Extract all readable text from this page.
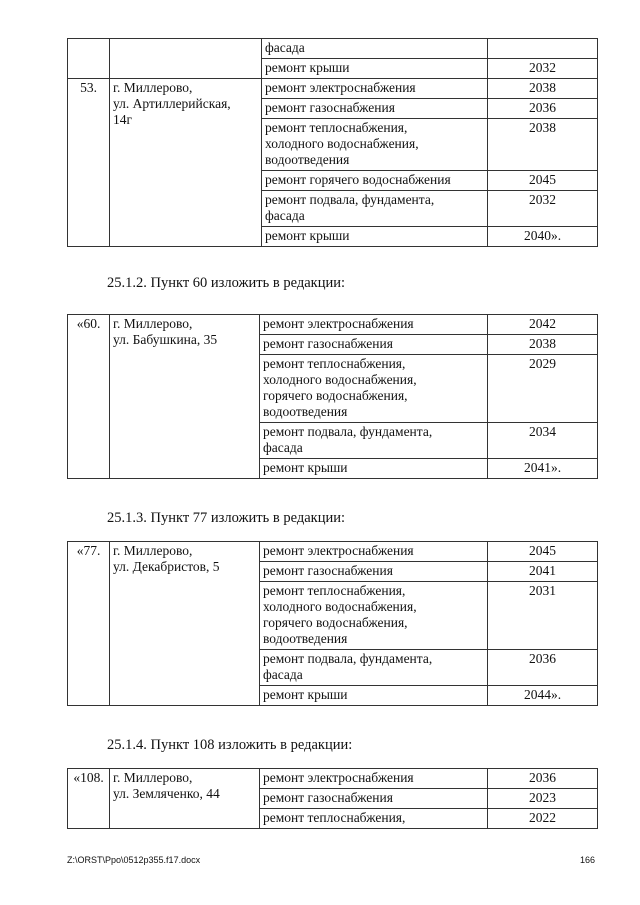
		фасада	
		ремонт крыши	2032
53.	г. Миллерово,
ул. Артиллерийская,
14г	ремонт электроснабжения	2038
		ремонт газоснабжения	2036
		ремонт теплоснабжения,
холодного водоснабжения,
водоотведения	2038
		ремонт горячего водоснабжения	2045
		ремонт подвала, фундамента,
фасада	2032
		ремонт крыши	2040».

25.1.2. Пункт 60 изложить в редакции:

«60.	г. Миллерово,
ул. Бабушкина, 35	ремонт электроснабжения	2042
		ремонт газоснабжения	2038
		ремонт теплоснабжения,
холодного водоснабжения,
горячего водоснабжения,
водоотведения	2029
		ремонт подвала, фундамента,
фасада	2034
		ремонт крыши	2041».

25.1.3. Пункт 77 изложить в редакции:

«77.	г. Миллерово,
ул. Декабристов, 5	ремонт электроснабжения	2045
		ремонт газоснабжения	2041
		ремонт теплоснабжения,
холодного водоснабжения,
горячего водоснабжения,
водоотведения	2031
		ремонт подвала, фундамента,
фасада	2036
		ремонт крыши	2044».

25.1.4. Пункт 108 изложить в редакции:

«108.	г. Миллерово,
ул. Земляченко, 44	ремонт электроснабжения	2036
		ремонт газоснабжения	2023
		ремонт теплоснабжения,	2022
Z:\ORST\Ppo\0512p355.f17.docx	166
